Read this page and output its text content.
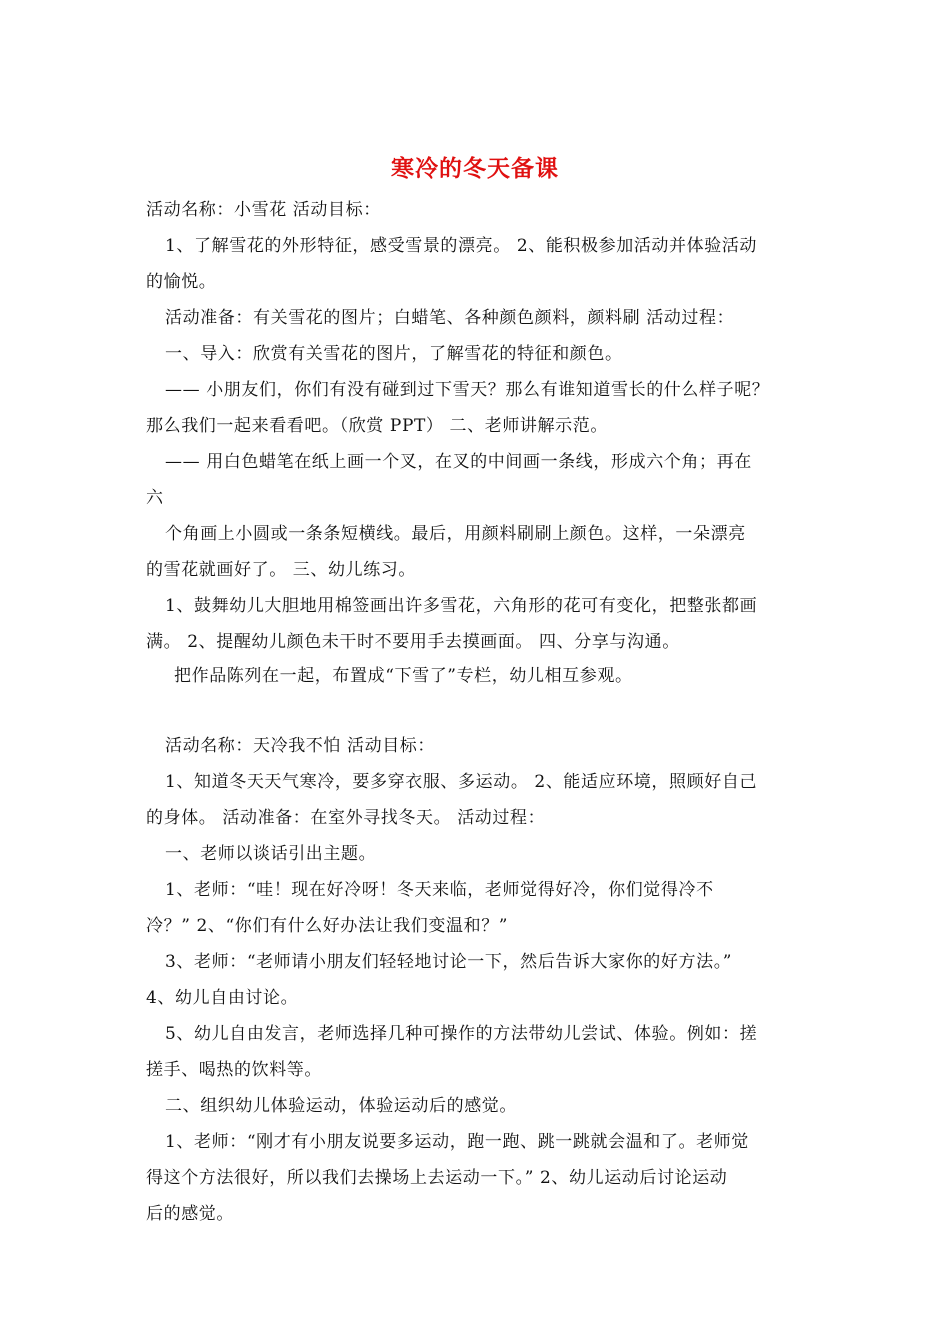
寒冷的冬天备课
活动名称：小雪花 活动目标：
1、了解雪花的外形特征，感受雪景的漂亮。 2、能积极参加活动并体验活动
的愉悦。
活动准备：有关雪花的图片；白蜡笔、各种颜色颜料，颜料刷 活动过程：
一、导入：欣赏有关雪花的图片，了解雪花的特征和颜色。
—— 小朋友们，你们有没有碰到过下雪天？那么有谁知道雪长的什么样子呢？
那么我们一起来看看吧。（欣赏 PPT） 二、老师讲解示范。
—— 用白色蜡笔在纸上画一个叉，在叉的中间画一条线，形成六个角；再在
六
个角画上小圆或一条条短横线。最后，用颜料刷刷上颜色。这样，一朵漂亮
的雪花就画好了。 三、幼儿练习。
1、鼓舞幼儿大胆地用棉签画出许多雪花，六角形的花可有变化，把整张都画
满。 2、提醒幼儿颜色未干时不要用手去摸画面。 四、分享与沟通。
把作品陈列在一起，布置成“下雪了”专栏，幼儿相互参观。
活动名称：天冷我不怕 活动目标：
1、知道冬天天气寒冷，要多穿衣服、多运动。 2、能适应环境，照顾好自己
的身体。 活动准备：在室外寻找冬天。 活动过程：
一、老师以谈话引出主题。
1、老师：“哇！现在好冷呀！冬天来临，老师觉得好冷，你们觉得冷不
冷？” 2、“你们有什么好办法让我们变温和？”
3、老师：“老师请小朋友们轻轻地讨论一下，然后告诉大家你的好方法。”
4、幼儿自由讨论。
5、幼儿自由发言，老师选择几种可操作的方法带幼儿尝试、体验。例如：搓
搓手、喝热的饮料等。
二、组织幼儿体验运动，体验运动后的感觉。
1、老师：“刚才有小朋友说要多运动，跑一跑、跳一跳就会温和了。老师觉
得这个方法很好，所以我们去操场上去运动一下。” 2、幼儿运动后讨论运动
后的感觉。
